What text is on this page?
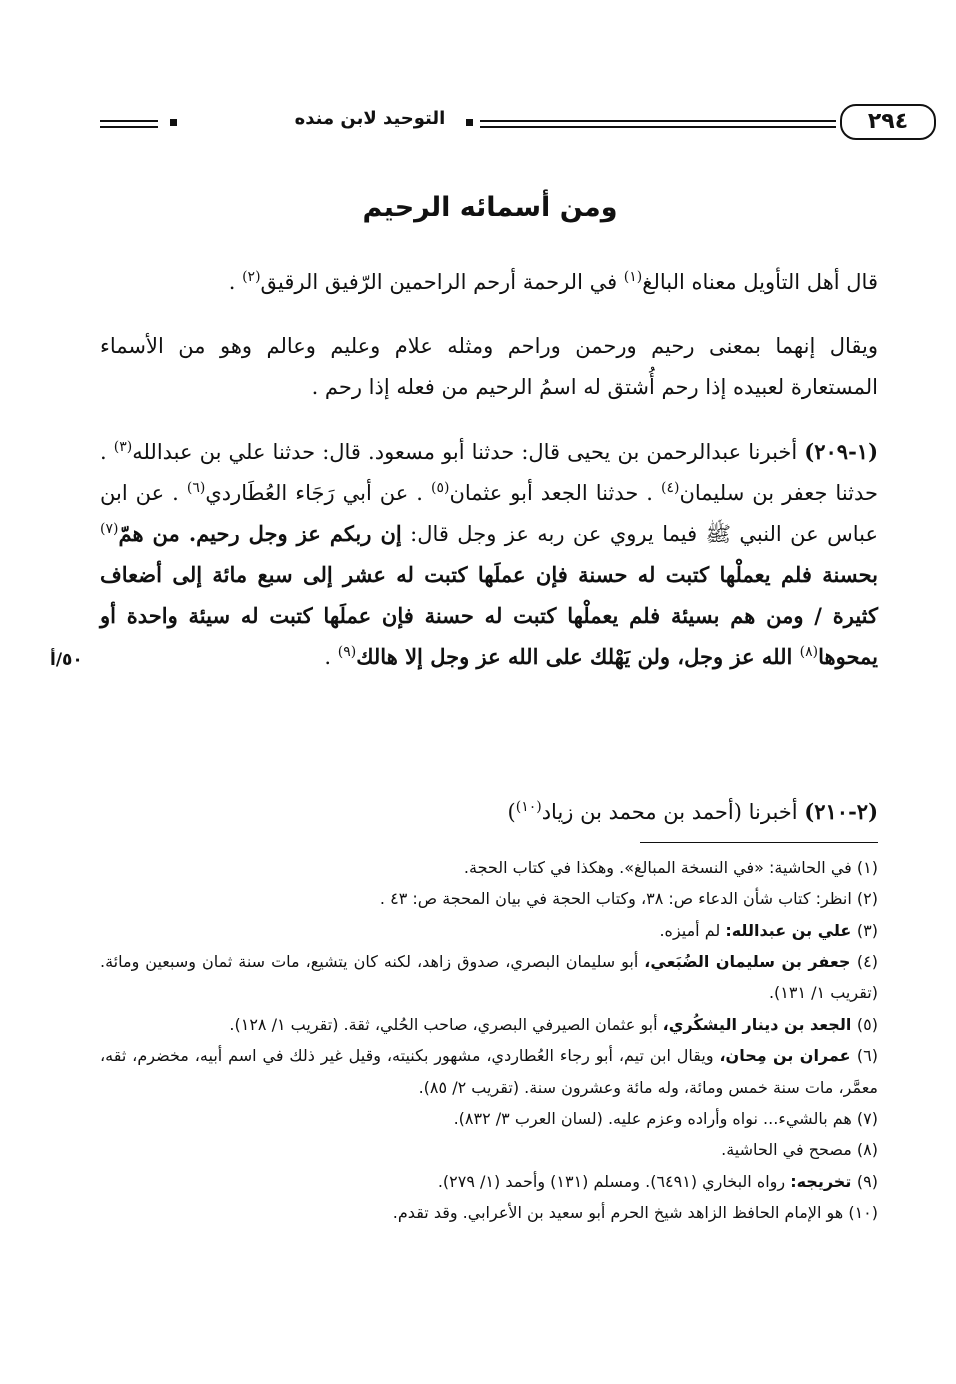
التوحيد لابن منده	٢٩٤
ومن أسمائه الرحيم
قال أهل التأويل معناه البالغ$^{(١)}$ في الرحمة أرحم الراحمين الرّفيق الرقيق$^{(٢)}$ .
ويقال إنهما بمعنى رحيم ورحمن وراحم ومثله علام وعليم وعالم وهو من الأسماء المستعارة لعبيده إذا رحم أُشتق له اسمُ الرحيم من فعله إذا رحم .
(١-٢٠٩) أخبرنا عبدالرحمن بن يحيى قال: حدثنا أبو مسعود. قال: حدثنا علي بن عبدالله$^{(٣)}$ . حدثنا جعفر بن سليمان$^{(٤)}$ . حدثنا الجعد أبو عثمان$^{(٥)}$ . عن أبي رَجَاء العُطَاردي$^{(٦)}$ . عن ابن عباس عن النبي ﷺ فيما يروي عن ربه عز وجل قال: إن ربكم عز وجل رحيم. من همّ$^{(٧)}$ بحسنة فلم يعملْها كتبت له حسنة فإن عملَها كتبت له عشر إلى سبع مائة إلى أضعاف كثيرة / ومن هم بسيئة فلم يعملْها كتبت له حسنة فإن عملَها كتبت له سيئة واحدة أو يمحوها$^{(٨)}$ الله عز وجل، ولن يَهْلك على الله عز وجل إلا هالك$^{(٩)}$ .
٥٠/أ
(٢-٢١٠) أخبرنا (أحمد بن محمد بن زياد$^{(١٠)}$)

(١) في الحاشية: «في النسخة المبالغ». وهكذا في كتاب الحجة.

(٢) انظر: كتاب شأن الدعاء ص: ٣٨، وكتاب الحجة في بيان المحجة ص: ٤٣ .

(٣) علي بن عبدالله: لم أميزه.

(٤) جعفر بن سليمان الضُبَعي، أبو سليمان البصري، صدوق زاهد، لكنه كان يتشيع، مات سنة ثمان وسبعين ومائة. (تقريب ١/ ١٣١).

(٥) الجعد بن دينار اليشكُري، أبو عثمان الصيرفي البصري، صاحب الحُلي، ثقة. (تقريب ١/ ١٢٨).

(٦) عمران بن مِحان، ويقال ابن تيم، أبو رجاء العُطاردي، مشهور بكنيته، وقيل غير ذلك في اسم أبيه، مخضرم، ثقه، معمَّر، مات سنة خمس ومائة، وله مائة وعشرون سنة. (تقريب ٢/ ٨٥).

(٧) هم بالشيء... نواه وأراده وعزم عليه. (لسان العرب ٣/ ٨٣٢).

(٨) مصحح في الحاشية.

(٩) تخريجه: رواه البخاري (٦٤٩١). ومسلم (١٣١) وأحمد (١/ ٢٧٩).

(١٠) هو الإمام الحافظ الزاهد شيخ الحرم أبو سعيد بن الأعرابي. وقد تقدم.
